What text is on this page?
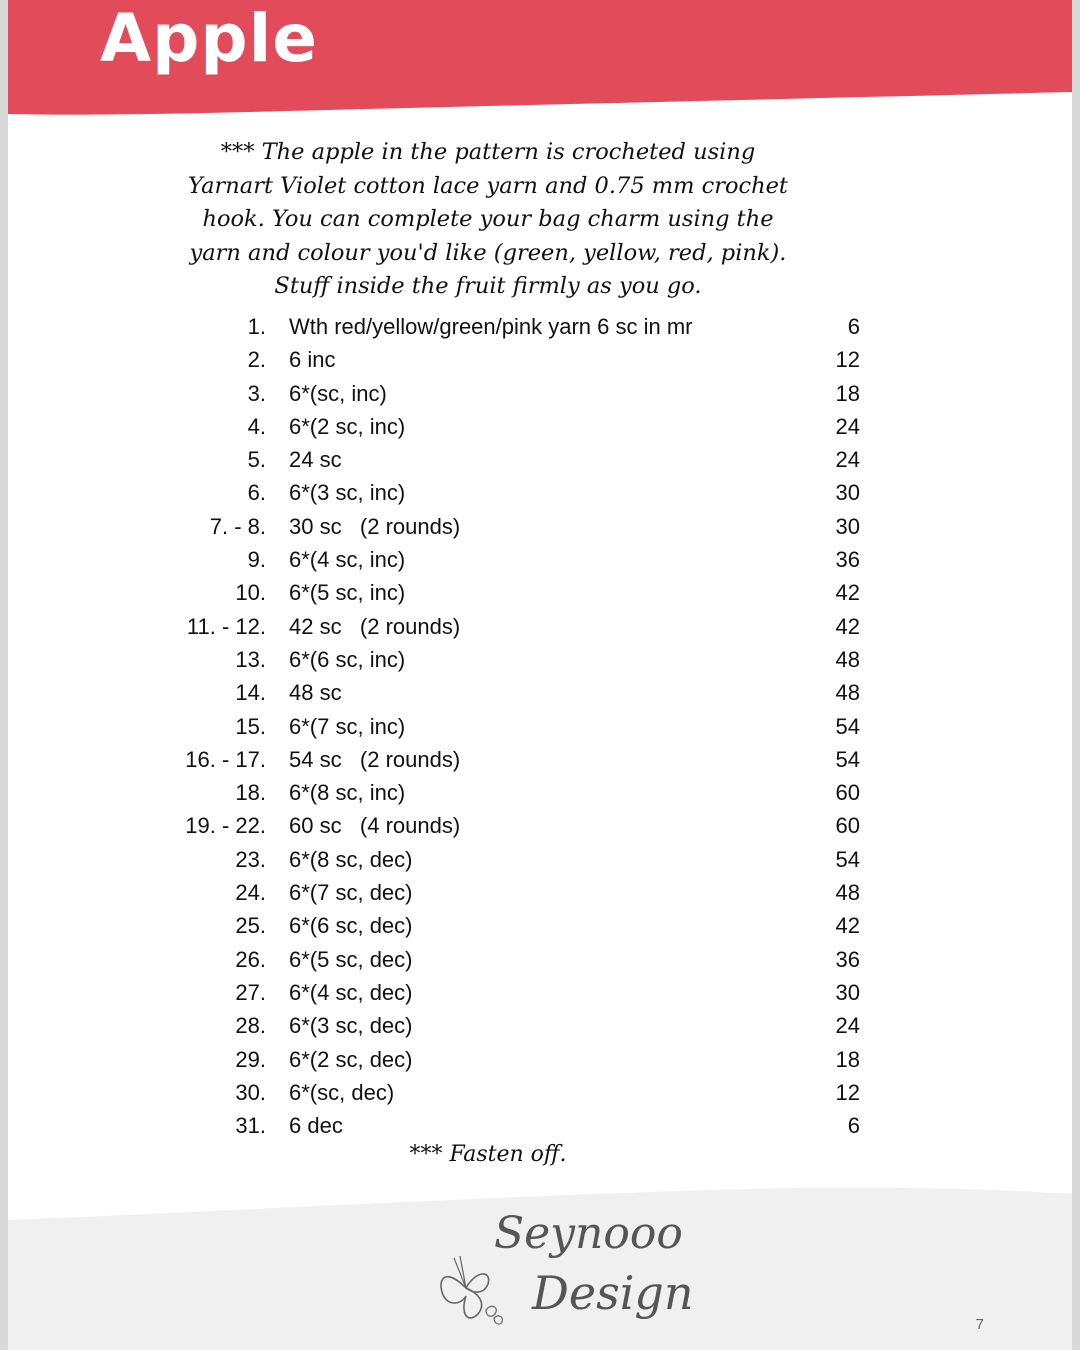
Apple
*** The apple in the pattern is crocheted using Yarnart Violet cotton lace yarn and 0.75 mm crochet hook. You can complete your bag charm using the yarn and colour you'd like (green, yellow, red, pink). Stuff inside the fruit firmly as you go.
1. Wth red/yellow/green/pink yarn 6 sc in mr	6
2. 6 inc	12
3. 6*(sc, inc)	18
4. 6*(2 sc, inc)	24
5. 24 sc	24
6. 6*(3 sc, inc)	30
7. - 8. 30 sc   (2 rounds)	30
9. 6*(4 sc, inc)	36
10. 6*(5 sc, inc)	42
11. - 12. 42 sc   (2 rounds)	42
13. 6*(6 sc, inc)	48
14. 48 sc	48
15. 6*(7 sc, inc)	54
16. - 17. 54 sc   (2 rounds)	54
18. 6*(8 sc, inc)	60
19. - 22. 60 sc   (4 rounds)	60
23. 6*(8 sc, dec)	54
24. 6*(7 sc, dec)	48
25. 6*(6 sc, dec)	42
26. 6*(5 sc, dec)	36
27. 6*(4 sc, dec)	30
28. 6*(3 sc, dec)	24
29. 6*(2 sc, dec)	18
30. 6*(sc, dec)	12
31. 6 dec	6
*** Fasten off.
Seynooo
Design
7
